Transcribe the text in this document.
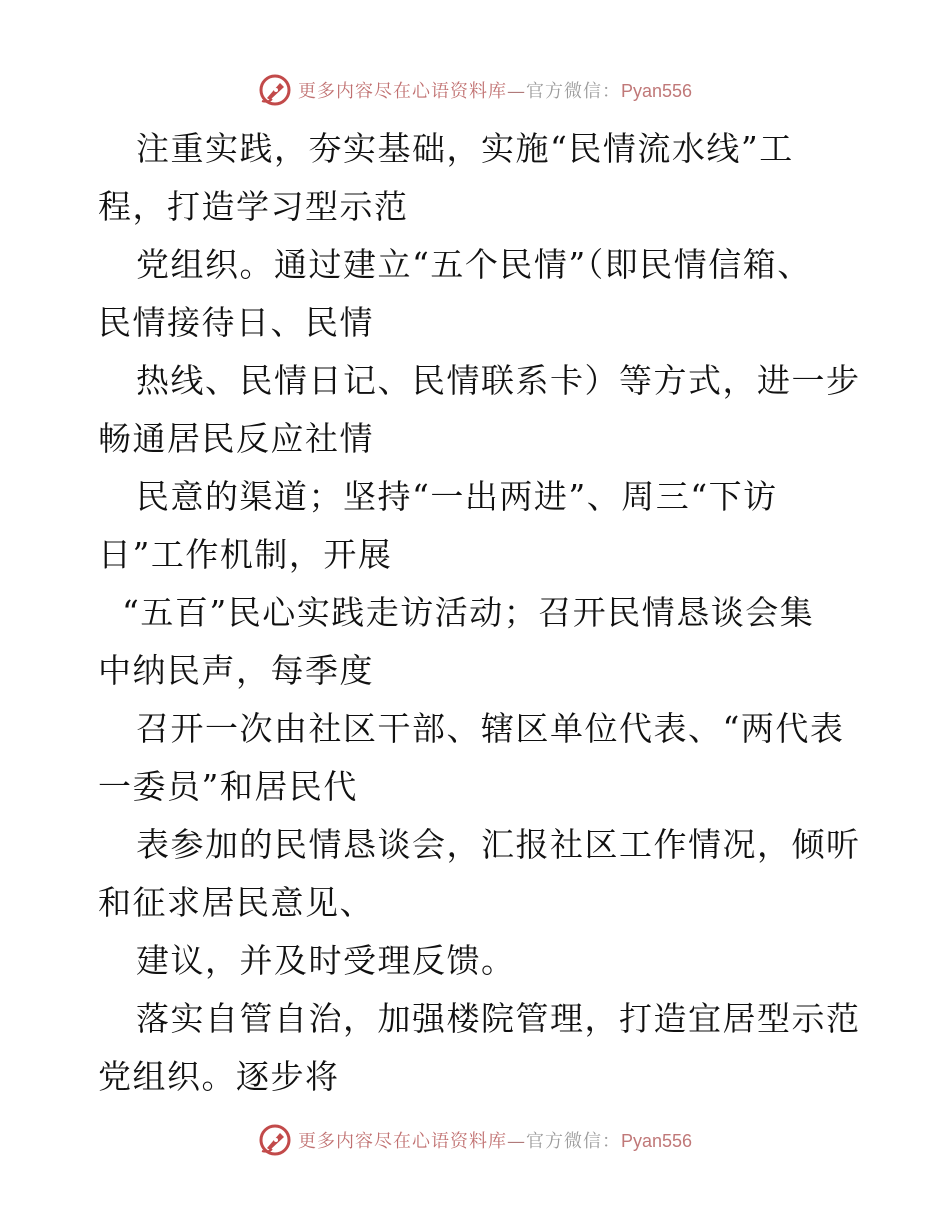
更多内容尽在心语资料库—官方微信：Pyan556
注重实践，夯实基础，实施“民情流水线”工
程，打造学习型示范
党组织。通过建立“五个民情”（即民情信箱、
民情接待日、民情
热线、民情日记、民情联系卡）等方式，进一步
畅通居民反应社情
民意的渠道；坚持“一出两进”、周三“下访
日”工作机制，开展
“五百”民心实践走访活动；召开民情恳谈会集
中纳民声，每季度
召开一次由社区干部、辖区单位代表、“两代表
一委员”和居民代
表参加的民情恳谈会，汇报社区工作情况，倾听
和征求居民意见、
建议，并及时受理反馈。
落实自管自治，加强楼院管理，打造宜居型示范
党组织。逐步将
更多内容尽在心语资料库—官方微信：Pyan556
